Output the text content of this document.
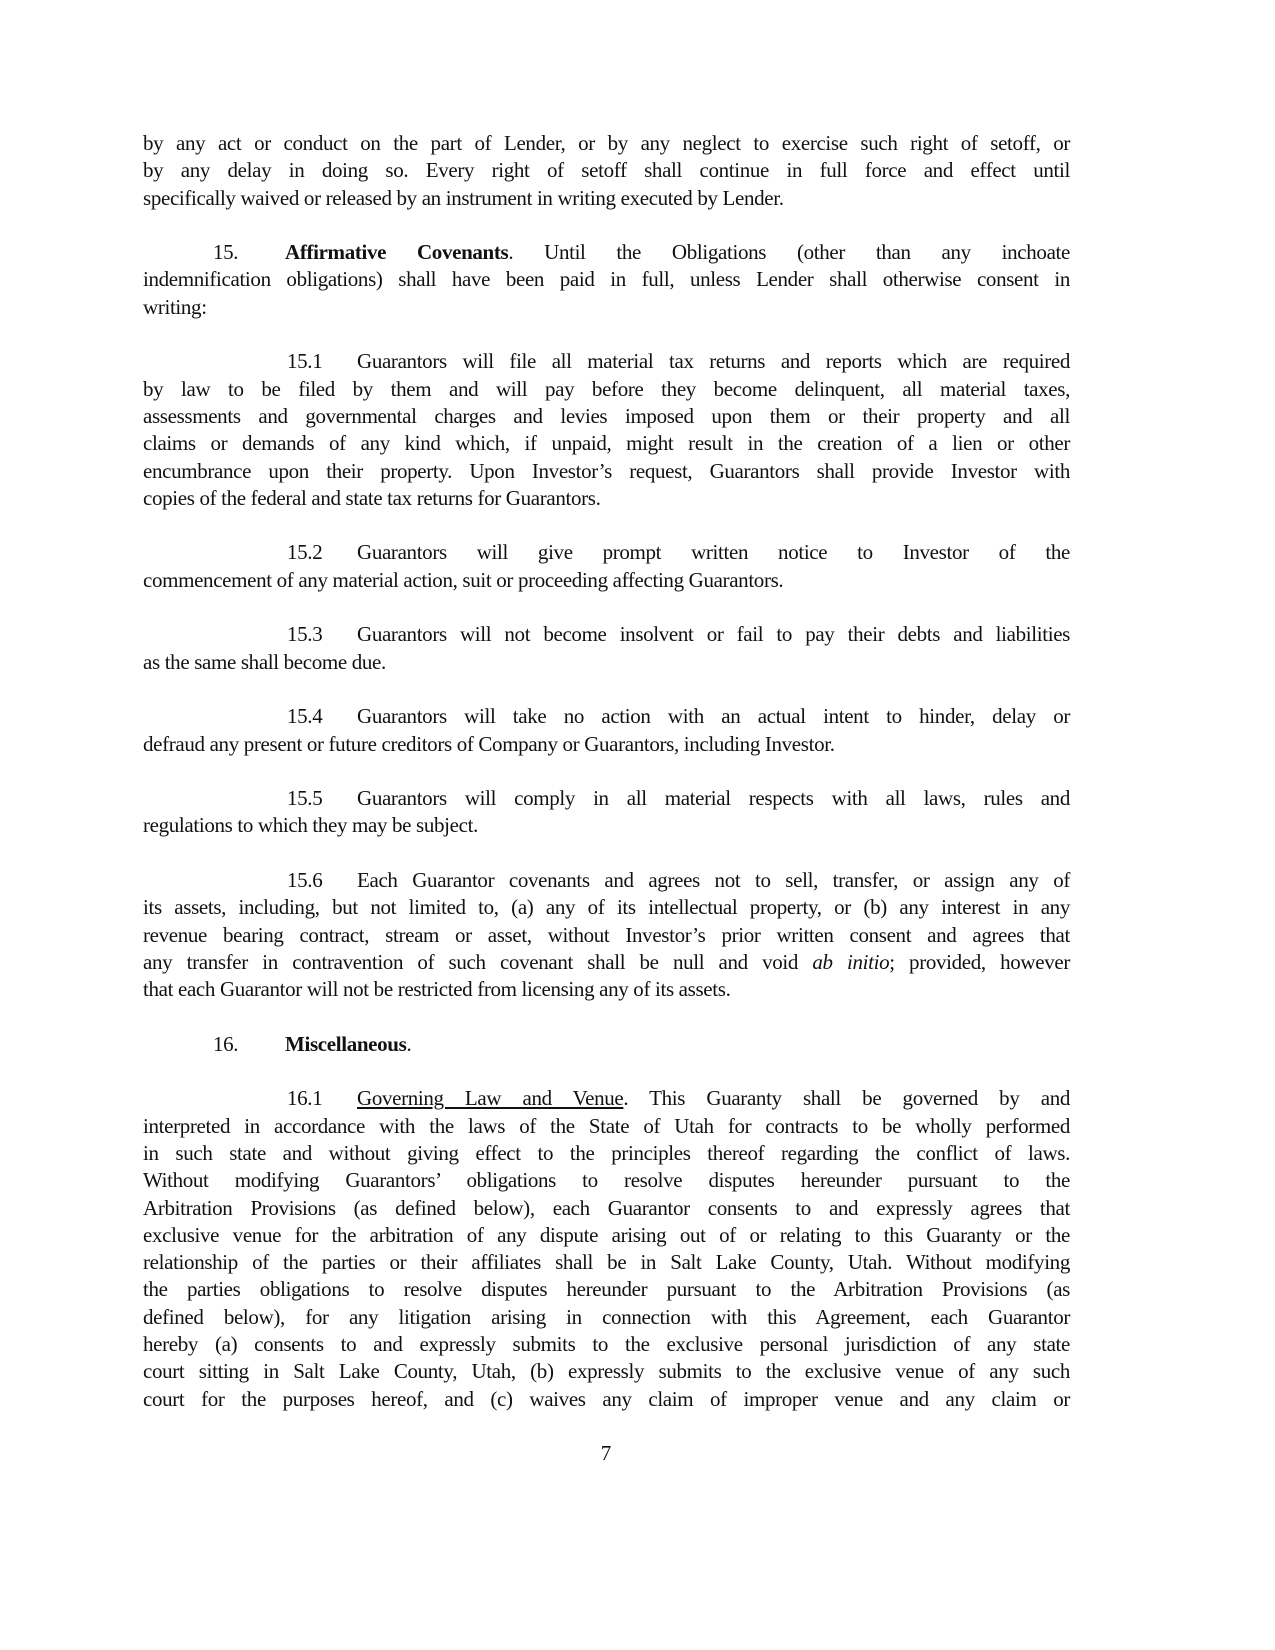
by any act or conduct on the part of Lender, or by any neglect to exercise such right of setoff, or
by any delay in doing so. Every right of setoff shall continue in full force and effect until
specifically waived or released by an instrument in writing executed by Lender.
15. Affirmative Covenants. Until the Obligations (other than any inchoate
indemnification obligations) shall have been paid in full, unless Lender shall otherwise consent in
writing:
15.1 Guarantors will file all material tax returns and reports which are required
by law to be filed by them and will pay before they become delinquent, all material taxes,
assessments and governmental charges and levies imposed upon them or their property and all
claims or demands of any kind which, if unpaid, might result in the creation of a lien or other
encumbrance upon their property. Upon Investor’s request, Guarantors shall provide Investor with
copies of the federal and state tax returns for Guarantors.
15.2 Guarantors will give prompt written notice to Investor of the
commencement of any material action, suit or proceeding affecting Guarantors.
15.3 Guarantors will not become insolvent or fail to pay their debts and liabilities
as the same shall become due.
15.4 Guarantors will take no action with an actual intent to hinder, delay or
defraud any present or future creditors of Company or Guarantors, including Investor.
15.5 Guarantors will comply in all material respects with all laws, rules and
regulations to which they may be subject.
15.6 Each Guarantor covenants and agrees not to sell, transfer, or assign any of
its assets, including, but not limited to, (a) any of its intellectual property, or (b) any interest in any
revenue bearing contract, stream or asset, without Investor’s prior written consent and agrees that
any transfer in contravention of such covenant shall be null and void ab initio; provided, however
that each Guarantor will not be restricted from licensing any of its assets.
16. Miscellaneous.
16.1 Governing Law and Venue. This Guaranty shall be governed by and
interpreted in accordance with the laws of the State of Utah for contracts to be wholly performed
in such state and without giving effect to the principles thereof regarding the conflict of laws.
Without modifying Guarantors’ obligations to resolve disputes hereunder pursuant to the
Arbitration Provisions (as defined below), each Guarantor consents to and expressly agrees that
exclusive venue for the arbitration of any dispute arising out of or relating to this Guaranty or the
relationship of the parties or their affiliates shall be in Salt Lake County, Utah. Without modifying
the parties obligations to resolve disputes hereunder pursuant to the Arbitration Provisions (as
defined below), for any litigation arising in connection with this Agreement, each Guarantor
hereby (a) consents to and expressly submits to the exclusive personal jurisdiction of any state
court sitting in Salt Lake County, Utah, (b) expressly submits to the exclusive venue of any such
court for the purposes hereof, and (c) waives any claim of improper venue and any claim or
7
